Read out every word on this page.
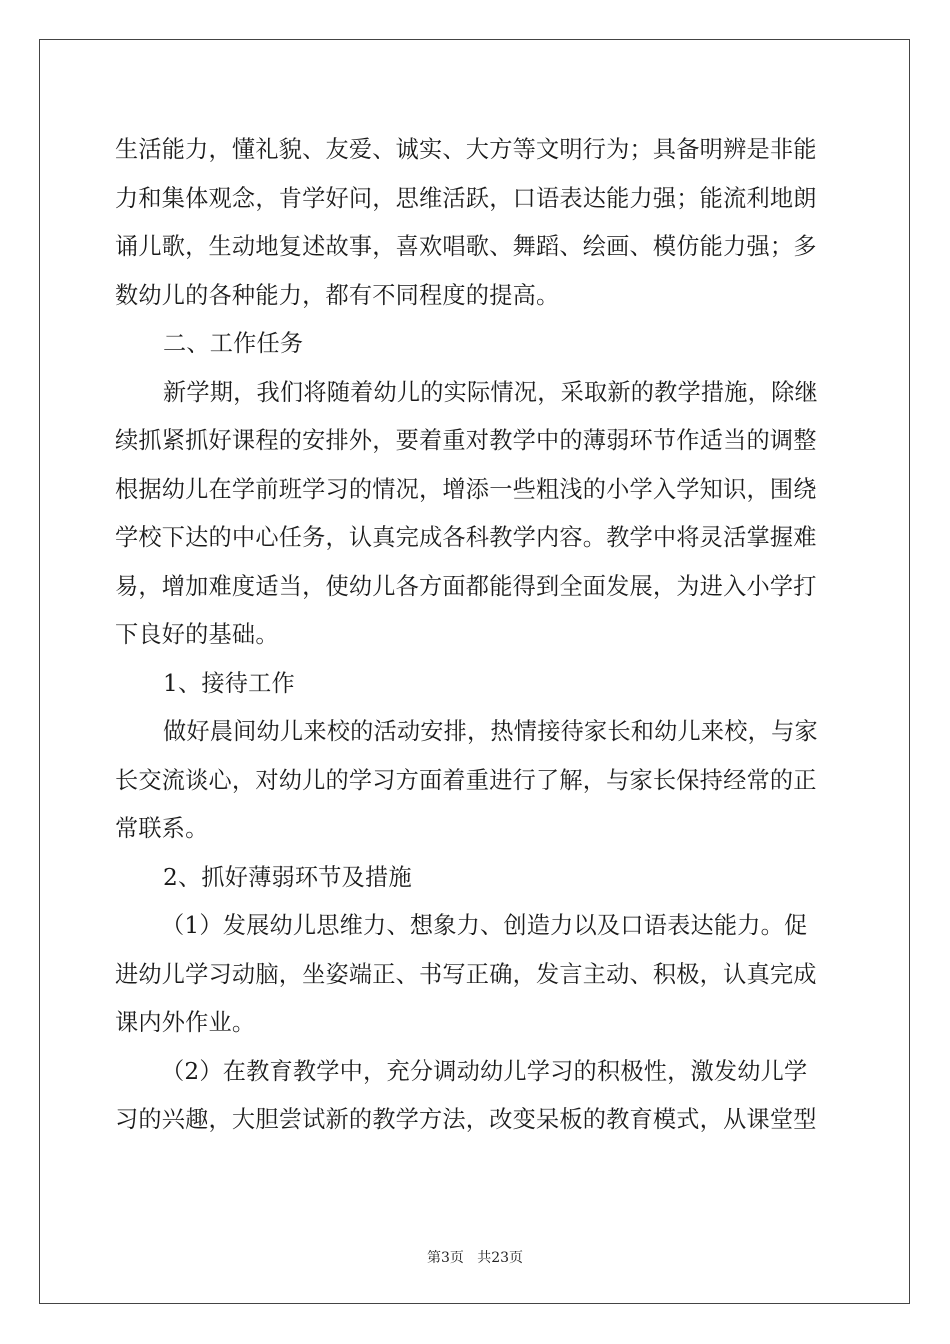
生活能力，懂礼貌、友爱、诚实、大方等文明行为；具备明辨是非能
力和集体观念，肯学好问，思维活跃，口语表达能力强；能流利地朗
诵儿歌，生动地复述故事，喜欢唱歌、舞蹈、绘画、模仿能力强；多
数幼儿的各种能力，都有不同程度的提高。
二、工作任务
新学期，我们将随着幼儿的实际情况，采取新的教学措施，除继
续抓紧抓好课程的安排外，要着重对教学中的薄弱环节作适当的调整
根据幼儿在学前班学习的情况，增添一些粗浅的小学入学知识，围绕
学校下达的中心任务，认真完成各科教学内容。教学中将灵活掌握难
易，增加难度适当，使幼儿各方面都能得到全面发展，为进入小学打
下良好的基础。
1、接待工作
做好晨间幼儿来校的活动安排，热情接待家长和幼儿来校，与家
长交流谈心，对幼儿的学习方面着重进行了解，与家长保持经常的正
常联系。
2、抓好薄弱环节及措施
（1）发展幼儿思维力、想象力、创造力以及口语表达能力。促
进幼儿学习动脑，坐姿端正、书写正确，发言主动、积极，认真完成
课内外作业。
（2）在教育教学中，充分调动幼儿学习的积极性，激发幼儿学
习的兴趣，大胆尝试新的教学方法，改变呆板的教育模式，从课堂型
第3页   共23页
